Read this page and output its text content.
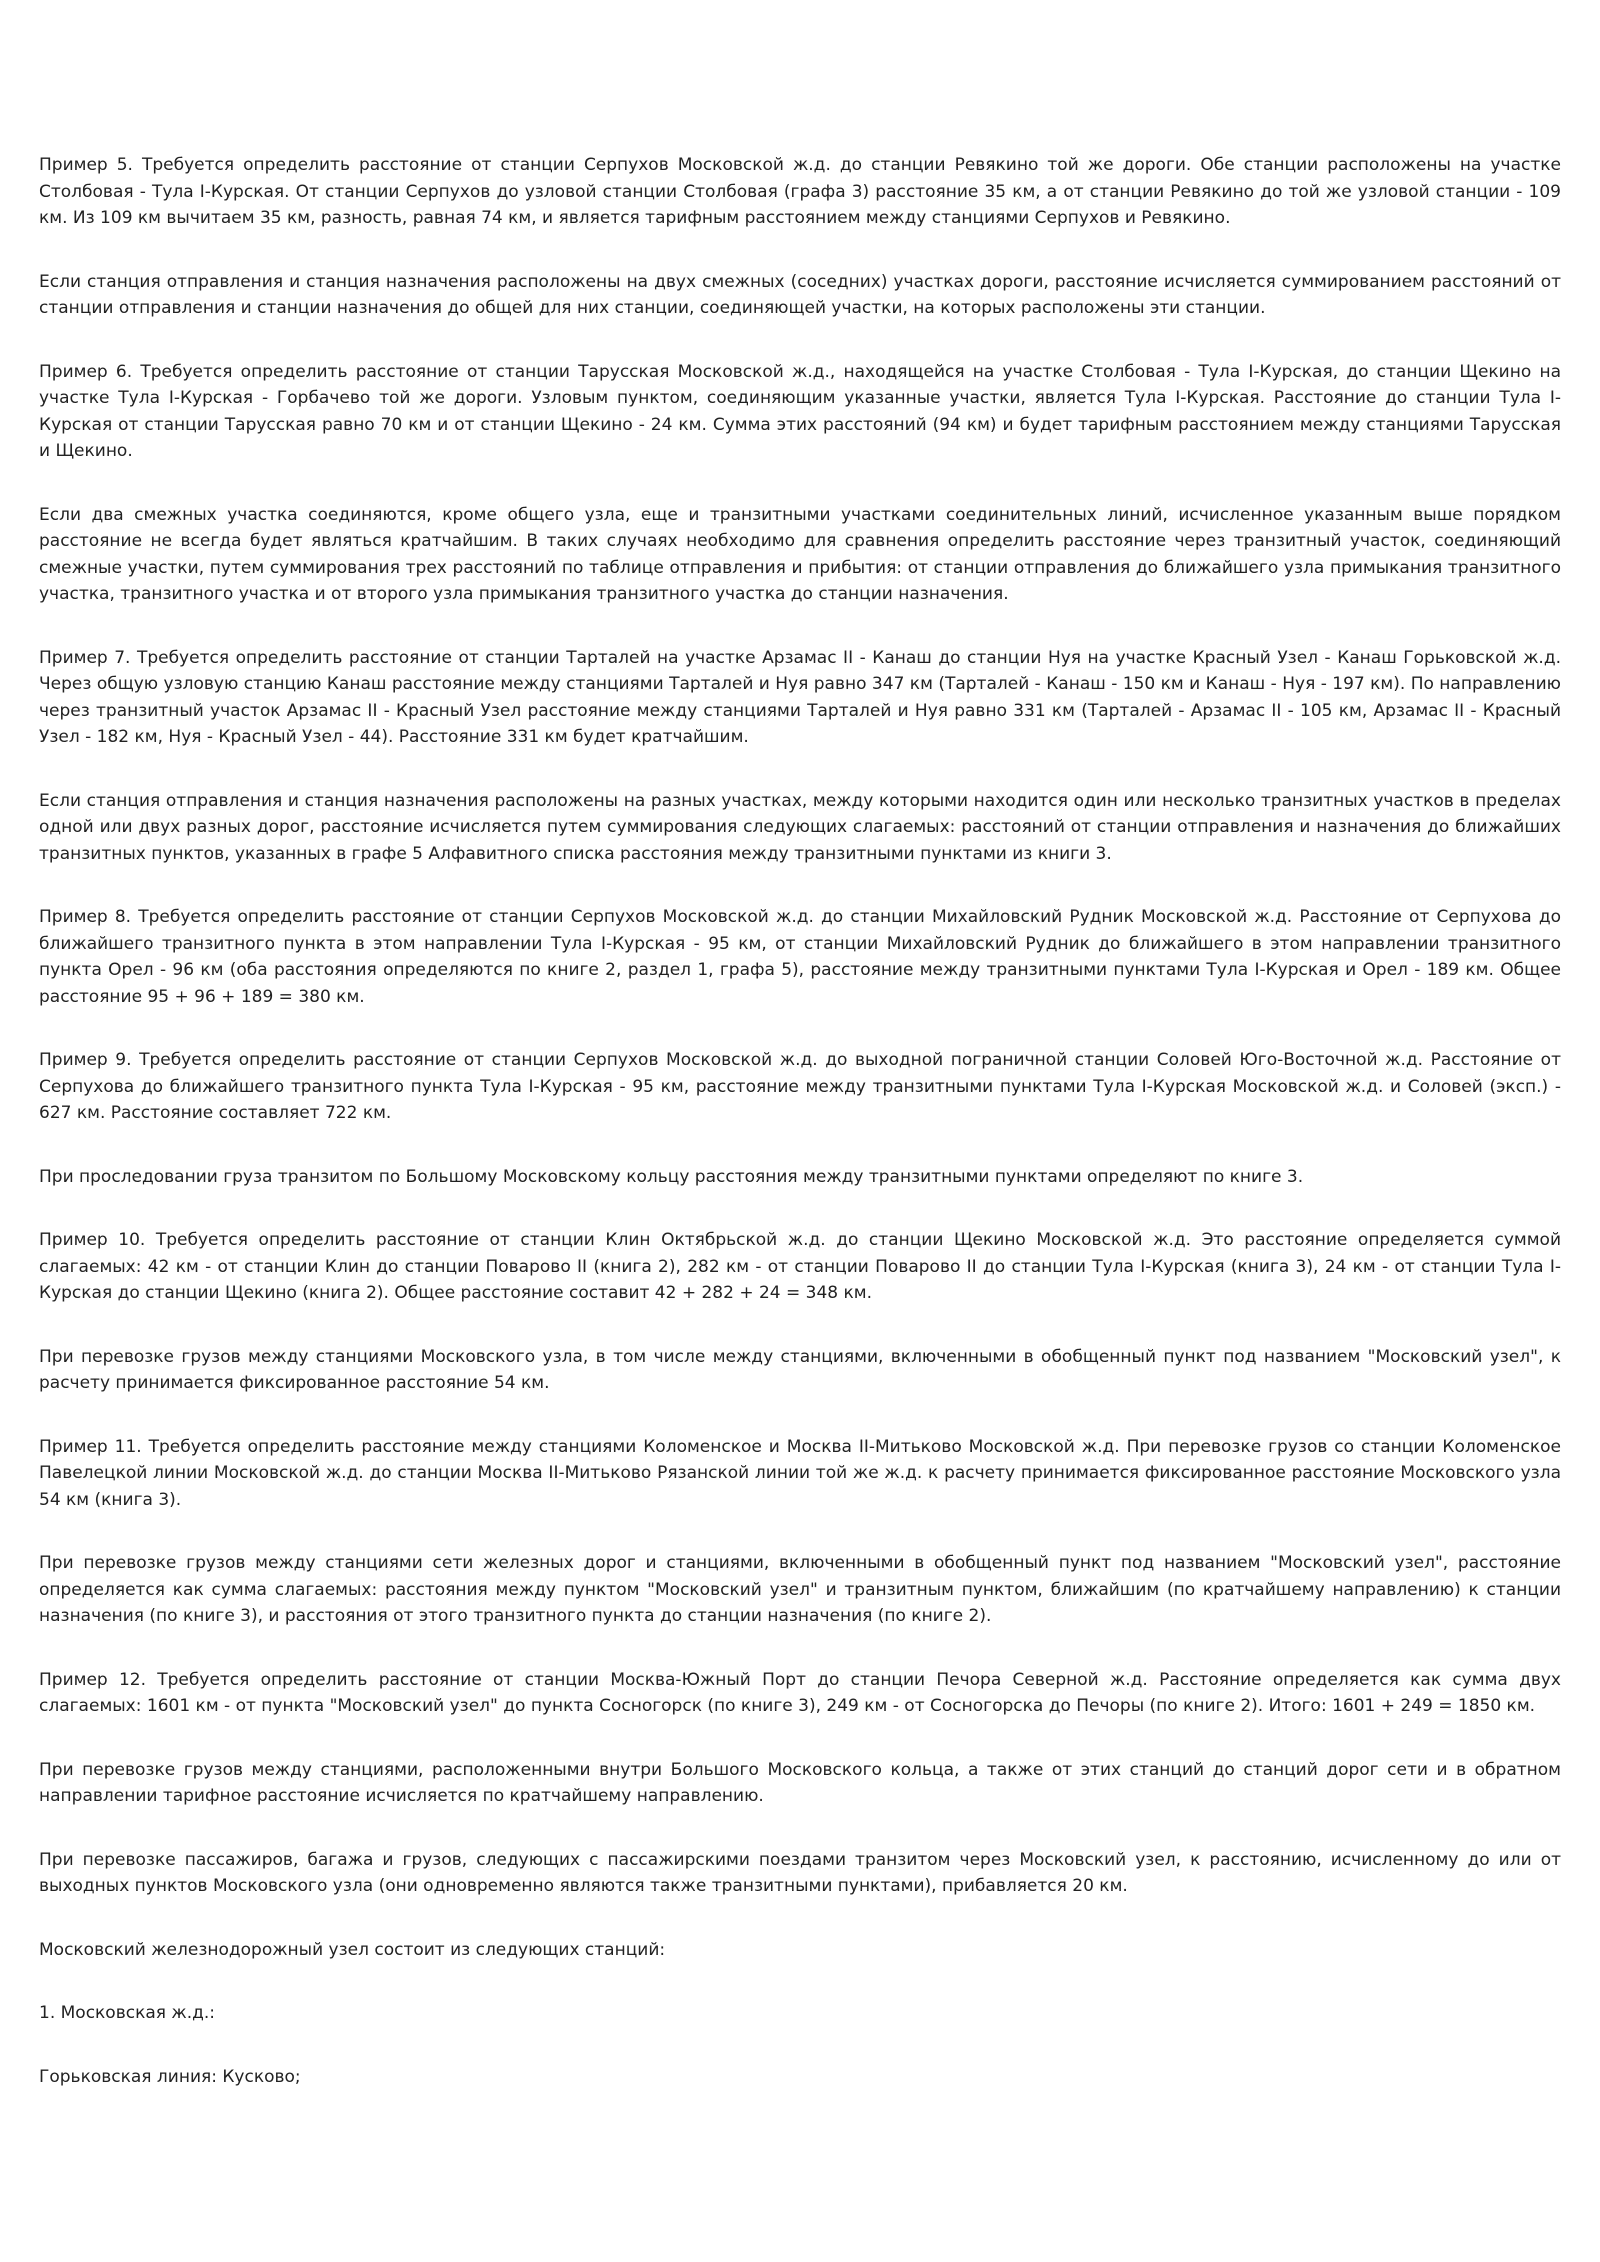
Пример 5. Требуется определить расстояние от станции Серпухов Московской ж.д. до станции Ревякино той же дороги. Обе станции расположены на участке Столбовая - Тула I-Курская. От станции Серпухов до узловой станции Столбовая (графа 3) расстояние 35 км, а от станции Ревякино до той же узловой станции - 109 км. Из 109 км вычитаем 35 км, разность, равная 74 км, и является тарифным расстоянием между станциями Серпухов и Ревякино.

Если станция отправления и станция назначения расположены на двух смежных (соседних) участках дороги, расстояние исчисляется суммированием расстояний от станции отправления и станции назначения до общей для них станции, соединяющей участки, на которых расположены эти станции.

Пример 6. Требуется определить расстояние от станции Тарусская Московской ж.д., находящейся на участке Столбовая - Тула I-Курская, до станции Щекино на участке Тула I-Курская - Горбачево той же дороги. Узловым пунктом, соединяющим указанные участки, является Тула I-Курская. Расстояние до станции Тула I-Курская от станции Тарусская равно 70 км и от станции Щекино - 24 км. Сумма этих расстояний (94 км) и будет тарифным расстоянием между станциями Тарусская и Щекино.

Если два смежных участка соединяются, кроме общего узла, еще и транзитными участками соединительных линий, исчисленное указанным выше порядком расстояние не всегда будет являться кратчайшим. В таких случаях необходимо для сравнения определить расстояние через транзитный участок, соединяющий смежные участки, путем суммирования трех расстояний по таблице отправления и прибытия: от станции отправления до ближайшего узла примыкания транзитного участка, транзитного участка и от второго узла примыкания транзитного участка до станции назначения.

Пример 7. Требуется определить расстояние от станции Тарталей на участке Арзамас II - Канаш до станции Нуя на участке Красный Узел - Канаш Горьковской ж.д. Через общую узловую станцию Канаш расстояние между станциями Тарталей и Нуя равно 347 км (Тарталей - Канаш - 150 км и Канаш - Нуя - 197 км). По направлению через транзитный участок Арзамас II - Красный Узел расстояние между станциями Тарталей и Нуя равно 331 км (Тарталей - Арзамас II - 105 км, Арзамас II - Красный Узел - 182 км, Нуя - Красный Узел - 44). Расстояние 331 км будет кратчайшим.

Если станция отправления и станция назначения расположены на разных участках, между которыми находится один или несколько транзитных участков в пределах одной или двух разных дорог, расстояние исчисляется путем суммирования следующих слагаемых: расстояний от станции отправления и назначения до ближайших транзитных пунктов, указанных в графе 5 Алфавитного списка расстояния между транзитными пунктами из книги 3.

Пример 8. Требуется определить расстояние от станции Серпухов Московской ж.д. до станции Михайловский Рудник Московской ж.д. Расстояние от Серпухова до ближайшего транзитного пункта в этом направлении Тула I-Курская - 95 км, от станции Михайловский Рудник до ближайшего в этом направлении транзитного пункта Орел - 96 км (оба расстояния определяются по книге 2, раздел 1, графа 5), расстояние между транзитными пунктами Тула I-Курская и Орел - 189 км. Общее расстояние 95 + 96 + 189 = 380 км.

Пример 9. Требуется определить расстояние от станции Серпухов Московской ж.д. до выходной пограничной станции Соловей Юго-Восточной ж.д. Расстояние от Серпухова до ближайшего транзитного пункта Тула I-Курская - 95 км, расстояние между транзитными пунктами Тула I-Курская Московской ж.д. и Соловей (эксп.) - 627 км. Расстояние составляет 722 км.

При проследовании груза транзитом по Большому Московскому кольцу расстояния между транзитными пунктами определяют по книге 3.

Пример 10. Требуется определить расстояние от станции Клин Октябрьской ж.д. до станции Щекино Московской ж.д. Это расстояние определяется суммой слагаемых: 42 км - от станции Клин до станции Поварово II (книга 2), 282 км - от станции Поварово II до станции Тула I-Курская (книга 3), 24 км - от станции Тула I-Курская до станции Щекино (книга 2). Общее расстояние составит 42 + 282 + 24 = 348 км.

При перевозке грузов между станциями Московского узла, в том числе между станциями, включенными в обобщенный пункт под названием "Московский узел", к расчету принимается фиксированное расстояние 54 км.

Пример 11. Требуется определить расстояние между станциями Коломенское и Москва II-Митьково Московской ж.д. При перевозке грузов со станции Коломенское Павелецкой линии Московской ж.д. до станции Москва II-Митьково Рязанской линии той же ж.д. к расчету принимается фиксированное расстояние Московского узла 54 км (книга 3).

При перевозке грузов между станциями сети железных дорог и станциями, включенными в обобщенный пункт под названием "Московский узел", расстояние определяется как сумма слагаемых: расстояния между пунктом "Московский узел" и транзитным пунктом, ближайшим (по кратчайшему направлению) к станции назначения (по книге 3), и расстояния от этого транзитного пункта до станции назначения (по книге 2).

Пример 12. Требуется определить расстояние от станции Москва-Южный Порт до станции Печора Северной ж.д. Расстояние определяется как сумма двух слагаемых: 1601 км - от пункта "Московский узел" до пункта Сосногорск (по книге 3), 249 км - от Сосногорска до Печоры (по книге 2). Итого: 1601 + 249 = 1850 км.

При перевозке грузов между станциями, расположенными внутри Большого Московского кольца, а также от этих станций до станций дорог сети и в обратном направлении тарифное расстояние исчисляется по кратчайшему направлению.

При перевозке пассажиров, багажа и грузов, следующих с пассажирскими поездами транзитом через Московский узел, к расстоянию, исчисленному до или от выходных пунктов Московского узла (они одновременно являются также транзитными пунктами), прибавляется 20 км.

Московский железнодорожный узел состоит из следующих станций:

1. Московская ж.д.:

Горьковская линия: Кусково;
